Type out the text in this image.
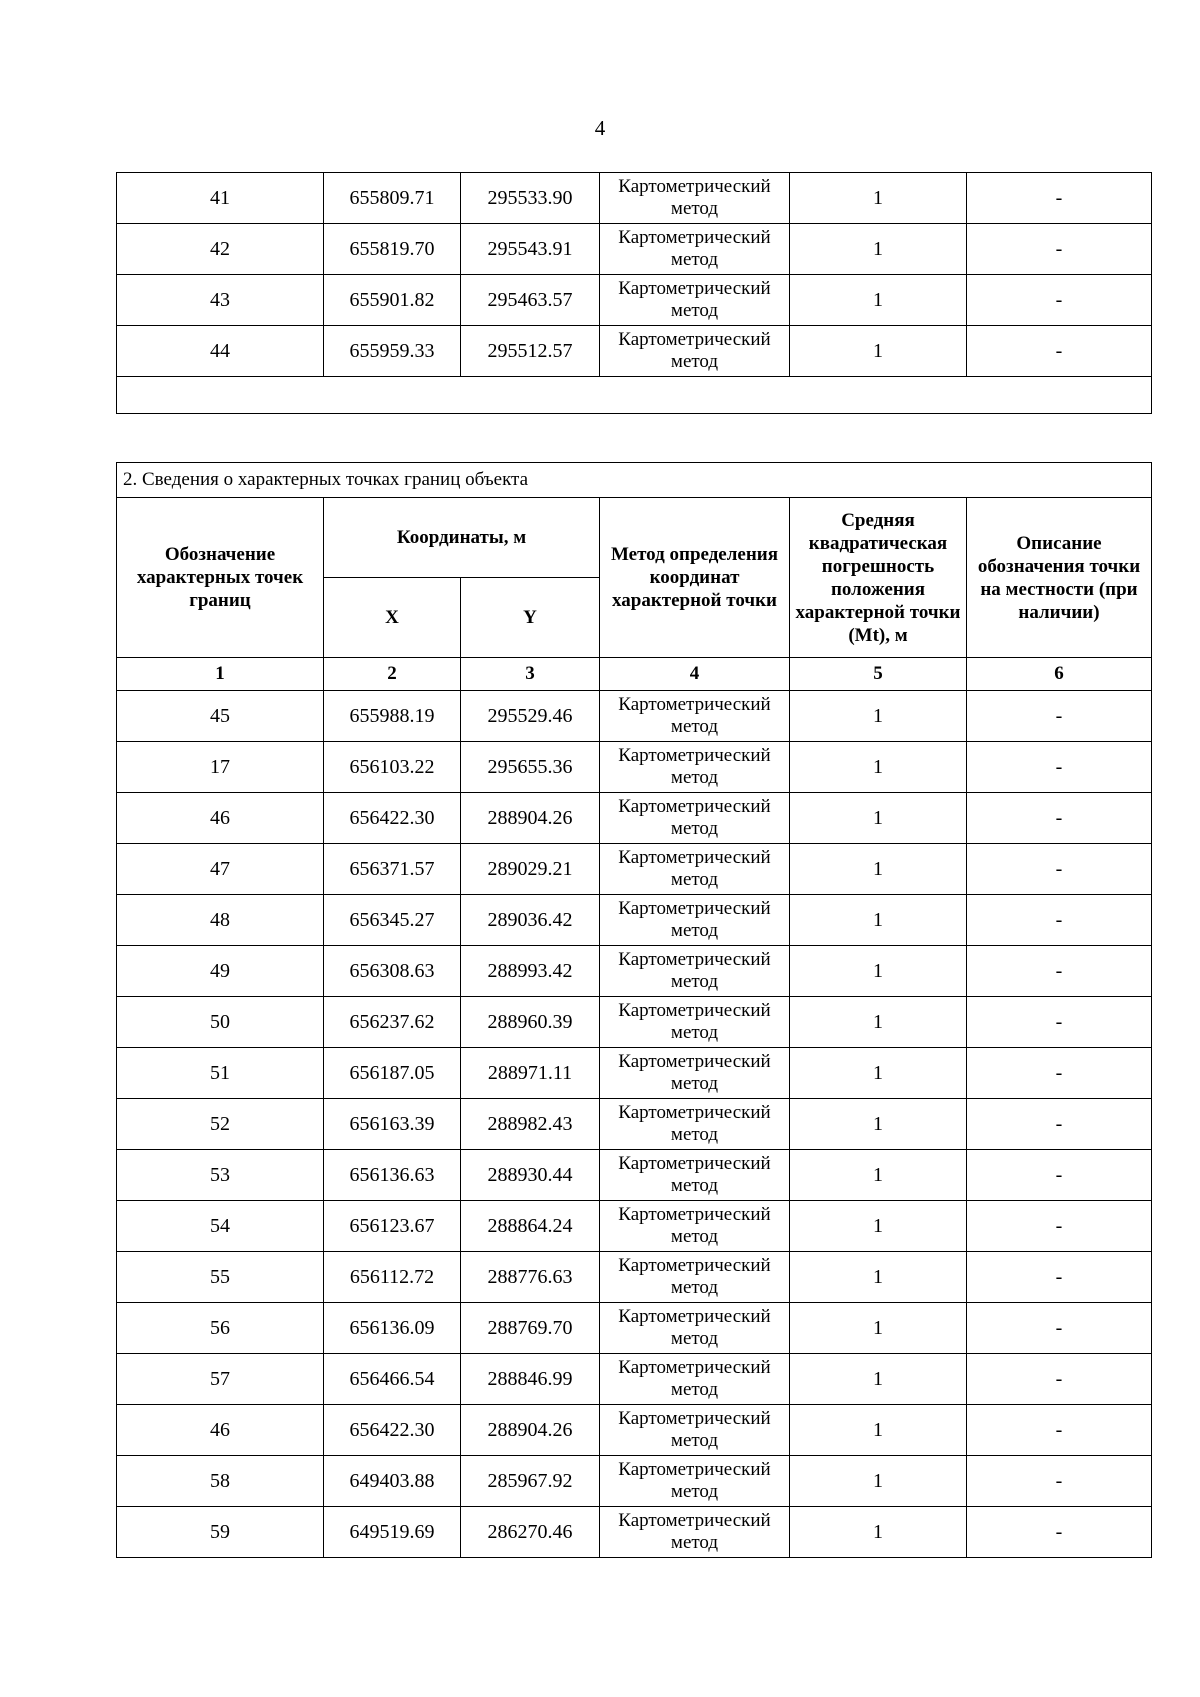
4
41	655809.71	295533.90	Картометрический метод	1	-
42	655819.70	295543.91	Картометрический метод	1	-
43	655901.82	295463.57	Картометрический метод	1	-
44	655959.33	295512.57	Картометрический метод	1	-

2. Сведения о характерных точках границ объекта					
Обозначение характерных точек границ	Координаты, м		Метод определения координат характерной точки	Средняя квадратическая погрешность положения характерной точки (Mt), м	Описание обозначения точки на местности (при наличии)
	X	Y			
1	2	3	4	5	6
45	655988.19	295529.46	Картометрический метод	1	-
17	656103.22	295655.36	Картометрический метод	1	-
46	656422.30	288904.26	Картометрический метод	1	-
47	656371.57	289029.21	Картометрический метод	1	-
48	656345.27	289036.42	Картометрический метод	1	-
49	656308.63	288993.42	Картометрический метод	1	-
50	656237.62	288960.39	Картометрический метод	1	-
51	656187.05	288971.11	Картометрический метод	1	-
52	656163.39	288982.43	Картометрический метод	1	-
53	656136.63	288930.44	Картометрический метод	1	-
54	656123.67	288864.24	Картометрический метод	1	-
55	656112.72	288776.63	Картометрический метод	1	-
56	656136.09	288769.70	Картометрический метод	1	-
57	656466.54	288846.99	Картометрический метод	1	-
46	656422.30	288904.26	Картометрический метод	1	-
58	649403.88	285967.92	Картометрический метод	1	-
59	649519.69	286270.46	Картометрический метод	1	-
